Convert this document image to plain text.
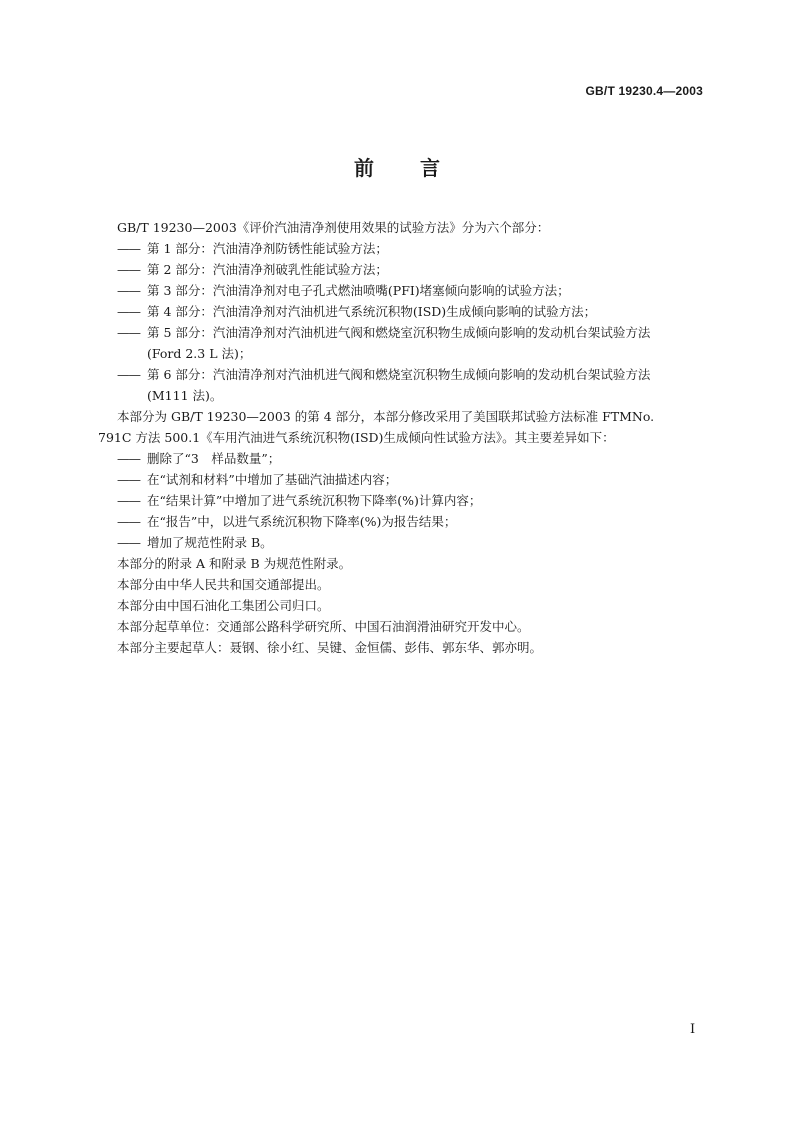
GB/T 19230.4—2003
前言
GB/T 19230—2003《评价汽油清净剂使用效果的试验方法》分为六个部分：
—— 第 1 部分：汽油清净剂防锈性能试验方法；
—— 第 2 部分：汽油清净剂破乳性能试验方法；
—— 第 3 部分：汽油清净剂对电子孔式燃油喷嘴(PFI)堵塞倾向影响的试验方法；
—— 第 4 部分：汽油清净剂对汽油机进气系统沉积物(ISD)生成倾向影响的试验方法；
—— 第 5 部分：汽油清净剂对汽油机进气阀和燃烧室沉积物生成倾向影响的发动机台架试验方法
(Ford 2.3 L 法)；
—— 第 6 部分：汽油清净剂对汽油机进气阀和燃烧室沉积物生成倾向影响的发动机台架试验方法
(M111 法)。
本部分为 GB/T 19230—2003 的第 4 部分，本部分修改采用了美国联邦试验方法标准 FTMNo.
791C 方法 500.1《车用汽油进气系统沉积物(ISD)生成倾向性试验方法》。其主要差异如下：
—— 删除了“3　样品数量”；
—— 在“试剂和材料”中增加了基础汽油描述内容；
—— 在“结果计算”中增加了进气系统沉积物下降率(%)计算内容；
—— 在“报告”中，以进气系统沉积物下降率(%)为报告结果；
—— 增加了规范性附录 B。
本部分的附录 A 和附录 B 为规范性附录。
本部分由中华人民共和国交通部提出。
本部分由中国石油化工集团公司归口。
本部分起草单位：交通部公路科学研究所、中国石油润滑油研究开发中心。
本部分主要起草人：聂钢、徐小红、吴键、金恒儒、彭伟、郭东华、郭亦明。
I
